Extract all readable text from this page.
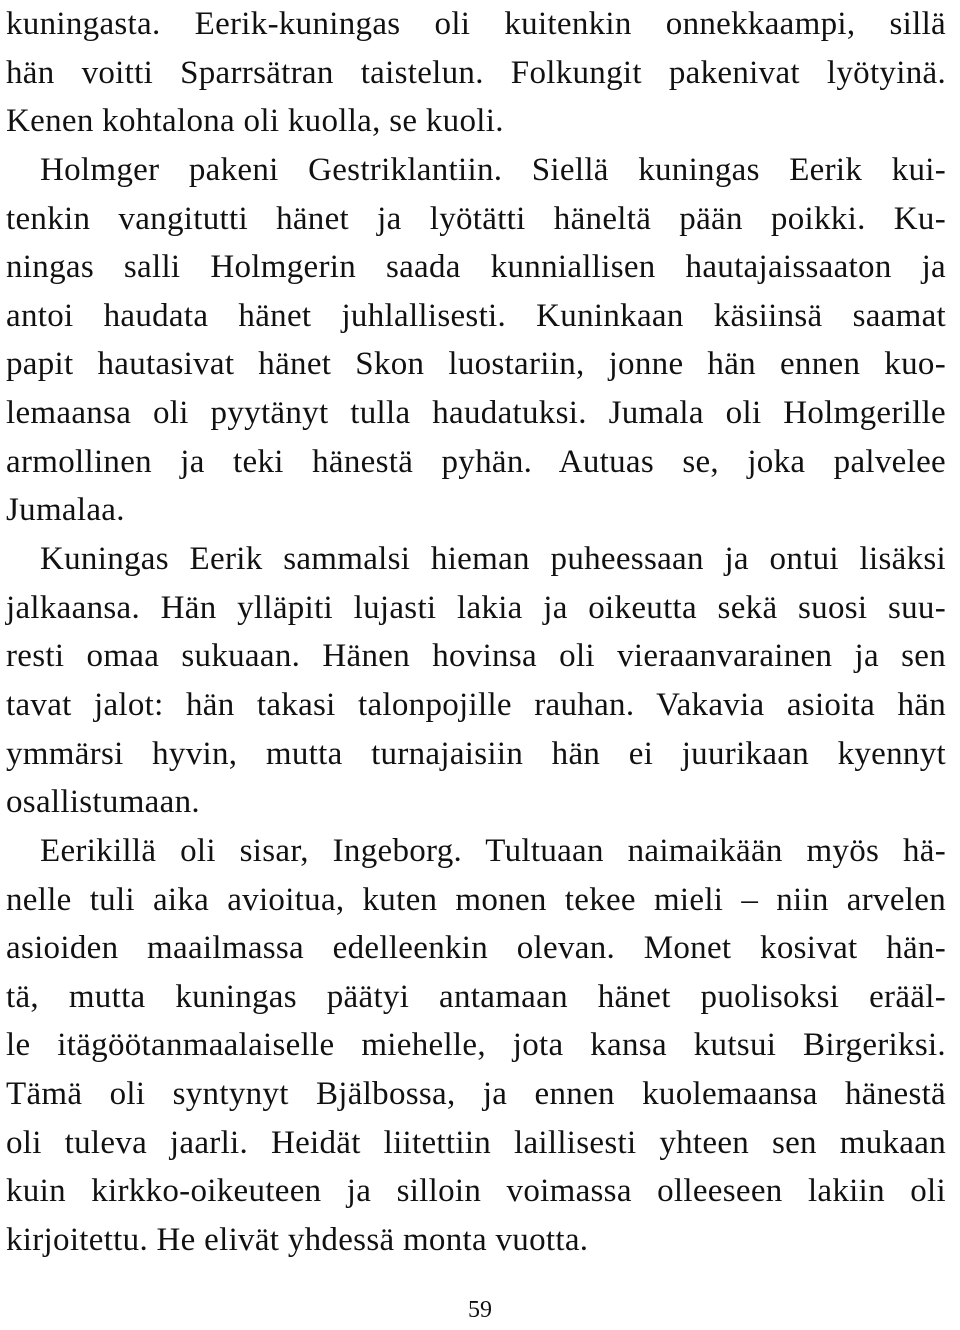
kuningasta. Eerik-kuningas oli kuitenkin onnekkaampi, sillä
hän voitti Sparrsätran taistelun. Folkungit pakenivat lyötyinä.
Kenen kohtalona oli kuolla, se kuoli.
Holmger pakeni Gestriklantiin. Siellä kuningas Eerik kui-
tenkin vangitutti hänet ja lyötätti häneltä pään poikki. Ku-
ningas salli Holmgerin saada kunniallisen hautajaissaaton ja
antoi haudata hänet juhlallisesti. Kuninkaan käsiinsä saamat
papit hautasivat hänet Skon luostariin, jonne hän ennen kuo-
lemaansa oli pyytänyt tulla haudatuksi. Jumala oli Holmgerille
armollinen ja teki hänestä pyhän. Autuas se, joka palvelee
Jumalaa.
Kuningas Eerik sammalsi hieman puheessaan ja ontui lisäksi
jalkaansa. Hän ylläpiti lujasti lakia ja oikeutta sekä suosi suu-
resti omaa sukuaan. Hänen hovinsa oli vieraanvarainen ja sen
tavat jalot: hän takasi talonpojille rauhan. Vakavia asioita hän
ymmärsi hyvin, mutta turnajaisiin hän ei juurikaan kyennyt
osallistumaan.
Eerikillä oli sisar, Ingeborg. Tultuaan naimaikään myös hä-
nelle tuli aika avioitua, kuten monen tekee mieli – niin arvelen
asioiden maailmassa edelleenkin olevan. Monet kosivat hän-
tä, mutta kuningas päätyi antamaan hänet puolisoksi erääl-
le itägöötanmaalaiselle miehelle, jota kansa kutsui Birgeriksi.
Tämä oli syntynyt Bjälbossa, ja ennen kuolemaansa hänestä
oli tuleva jaarli. Heidät liitettiin laillisesti yhteen sen mukaan
kuin kirkko-oikeuteen ja silloin voimassa olleeseen lakiin oli
kirjoitettu. He elivät yhdessä monta vuotta.
59
